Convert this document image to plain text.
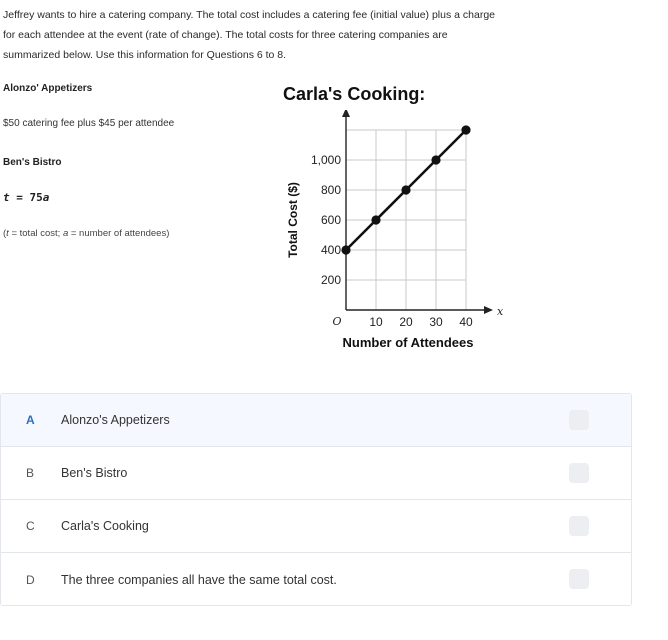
Jeffrey wants to hire a catering company. The total cost includes a catering fee (initial value) plus a charge
for each attendee at the event (rate of change). The total costs for three catering companies are
summarized below. Use this information for Questions 6 to 8.
Alonzo' Appetizers
$50 catering fee plus $45 per attendee
Ben's Bistro
t = 75a
(t = total cost; a = number of attendees)
Carla's Cooking:
x
O 10 20 30 40
200
400
600
800
1,000
Number of Attendees
Total Cost ($)
A	Alonzo's Appetizers
B	Ben's Bistro
C	Carla's Cooking
D	The three companies all have the same total cost.
